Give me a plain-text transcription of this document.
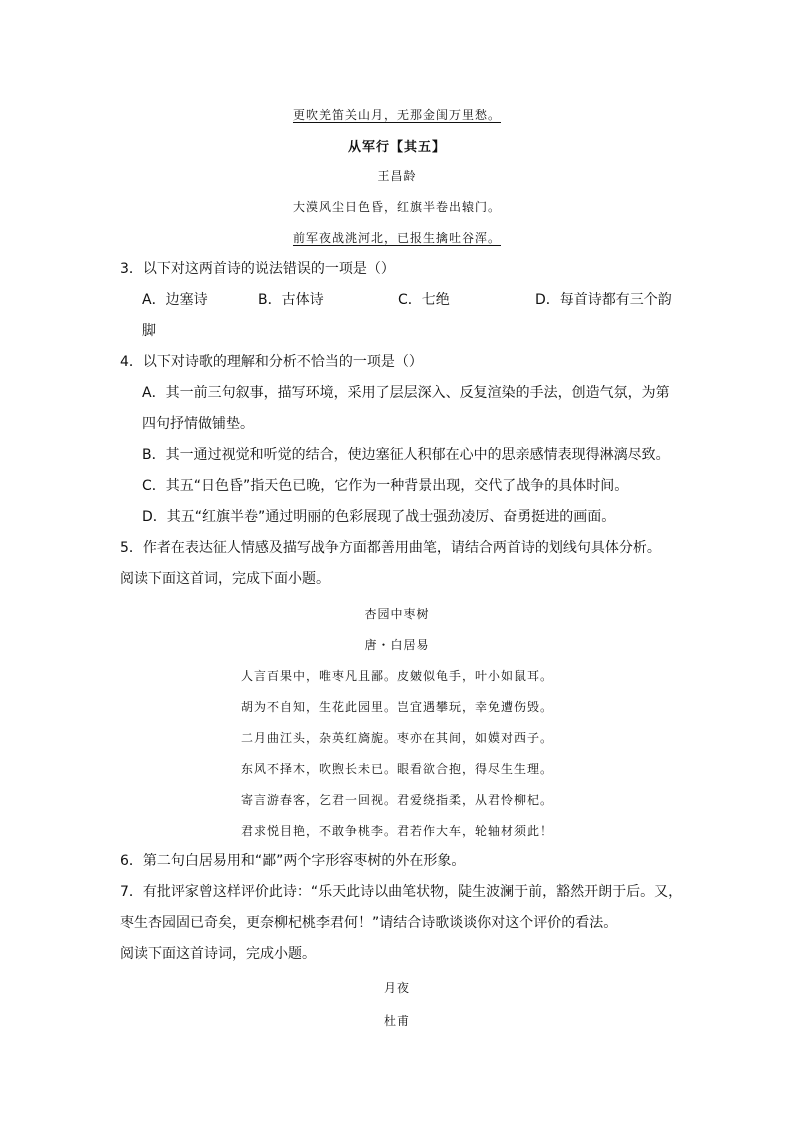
更吹羌笛关山月，无那金闺万里愁。
从军行【其五】
王昌龄
大漠风尘日色昏，红旗半卷出辕门。
前军夜战洮河北，已报生擒吐谷浑。
3．以下对这两首诗的说法错误的一项是（）
A．边塞诗	B．古体诗	C．七绝	D．每首诗都有三个韵
脚
4．以下对诗歌的理解和分析不恰当的一项是（）
A．其一前三句叙事，描写环境，采用了层层深入、反复渲染的手法，创造气氛，为第
四句抒情做铺垫。
B．其一通过视觉和听觉的结合，使边塞征人积郁在心中的思亲感情表现得淋漓尽致。
C．其五“日色昏”指天色已晚，它作为一种背景出现，交代了战争的具体时间。
D．其五“红旗半卷”通过明丽的色彩展现了战士强劲凌厉、奋勇挺进的画面。
5．作者在表达征人情感及描写战争方面都善用曲笔，请结合两首诗的划线句具体分析。
阅读下面这首词，完成下面小题。
杏园中枣树
唐・白居易
人言百果中，唯枣凡且鄙。皮皴似龟手，叶小如鼠耳。
胡为不自知，生花此园里。岂宜遇攀玩，幸免遭伤毁。
二月曲江头，杂英红旖旎。枣亦在其间，如嫫对西子。
东风不择木，吹煦长未已。眼看欲合抱，得尽生生理。
寄言游春客，乞君一回视。君爱绕指柔，从君怜柳杞。
君求悦目艳，不敢争桃李。君若作大车，轮轴材须此！
6．第二句白居易用和“鄙”两个字形容枣树的外在形象。
7．有批评家曾这样评价此诗：“乐天此诗以曲笔状物，陡生波澜于前，豁然开朗于后。又，
枣生杏园固已奇矣，更奈柳杞桃李君何！”请结合诗歌谈谈你对这个评价的看法。
阅读下面这首诗词，完成小题。
月夜
杜甫
